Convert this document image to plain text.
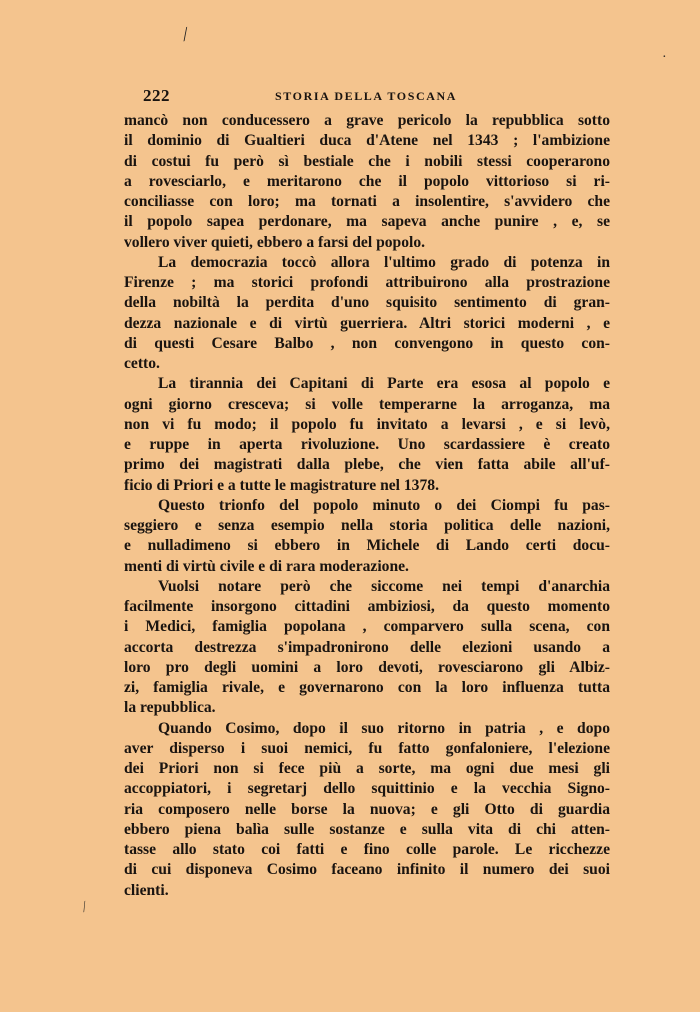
⁄
·
⁄
222	STORIA DELLA TOSCANA
mancò non conducessero a grave pericolo la repubblica sotto
il dominio di Gualtieri duca d'Atene nel 1343 ; l'ambizione
di costui fu però sì bestiale che i nobili stessi cooperarono
a rovesciarlo, e meritarono che il popolo vittorioso si ri-
conciliasse con loro; ma tornati a insolentire, s'avvidero che
il popolo sapea perdonare, ma sapeva anche punire , e, se
vollero viver quieti, ebbero a farsi del popolo.
La democrazia toccò allora l'ultimo grado di potenza in
Firenze ; ma storici profondi attribuirono alla prostrazione
della nobiltà la perdita d'uno squisito sentimento di gran-
dezza nazionale e di virtù guerriera. Altri storici moderni , e
di questi Cesare Balbo , non convengono in questo con-
cetto.
La tirannia dei Capitani di Parte era esosa al popolo e
ogni giorno cresceva; si volle temperarne la arroganza, ma
non vi fu modo; il popolo fu invitato a levarsi , e si levò,
e ruppe in aperta rivoluzione. Uno scardassiere è creato
primo dei magistrati dalla plebe, che vien fatta abile all'uf-
ficio di Priori e a tutte le magistrature nel 1378.
Questo trionfo del popolo minuto o dei Ciompi fu pas-
seggiero e senza esempio nella storia politica delle nazioni,
e nulladimeno si ebbero in Michele di Lando certi docu-
menti di virtù civile e di rara moderazione.
Vuolsi notare però che siccome nei tempi d'anarchia
facilmente insorgono cittadini ambiziosi, da questo momento
i Medici, famiglia popolana , comparvero sulla scena, con
accorta destrezza s'impadronirono delle elezioni usando a
loro pro degli uomini a loro devoti, rovesciarono gli Albiz-
zi, famiglia rivale, e governarono con la loro influenza tutta
la repubblica.
Quando Cosimo, dopo il suo ritorno in patria , e dopo
aver disperso i suoi nemici, fu fatto gonfaloniere, l'elezione
dei Priori non si fece più a sorte, ma ogni due mesi gli
accoppiatori, i segretarj dello squittinio e la vecchia Signo-
ria composero nelle borse la nuova; e gli Otto di guardia
ebbero piena balìa sulle sostanze e sulla vita di chi atten-
tasse allo stato coi fatti e fino colle parole. Le ricchezze
di cui disponeva Cosimo faceano infinito il numero dei suoi
clienti.
